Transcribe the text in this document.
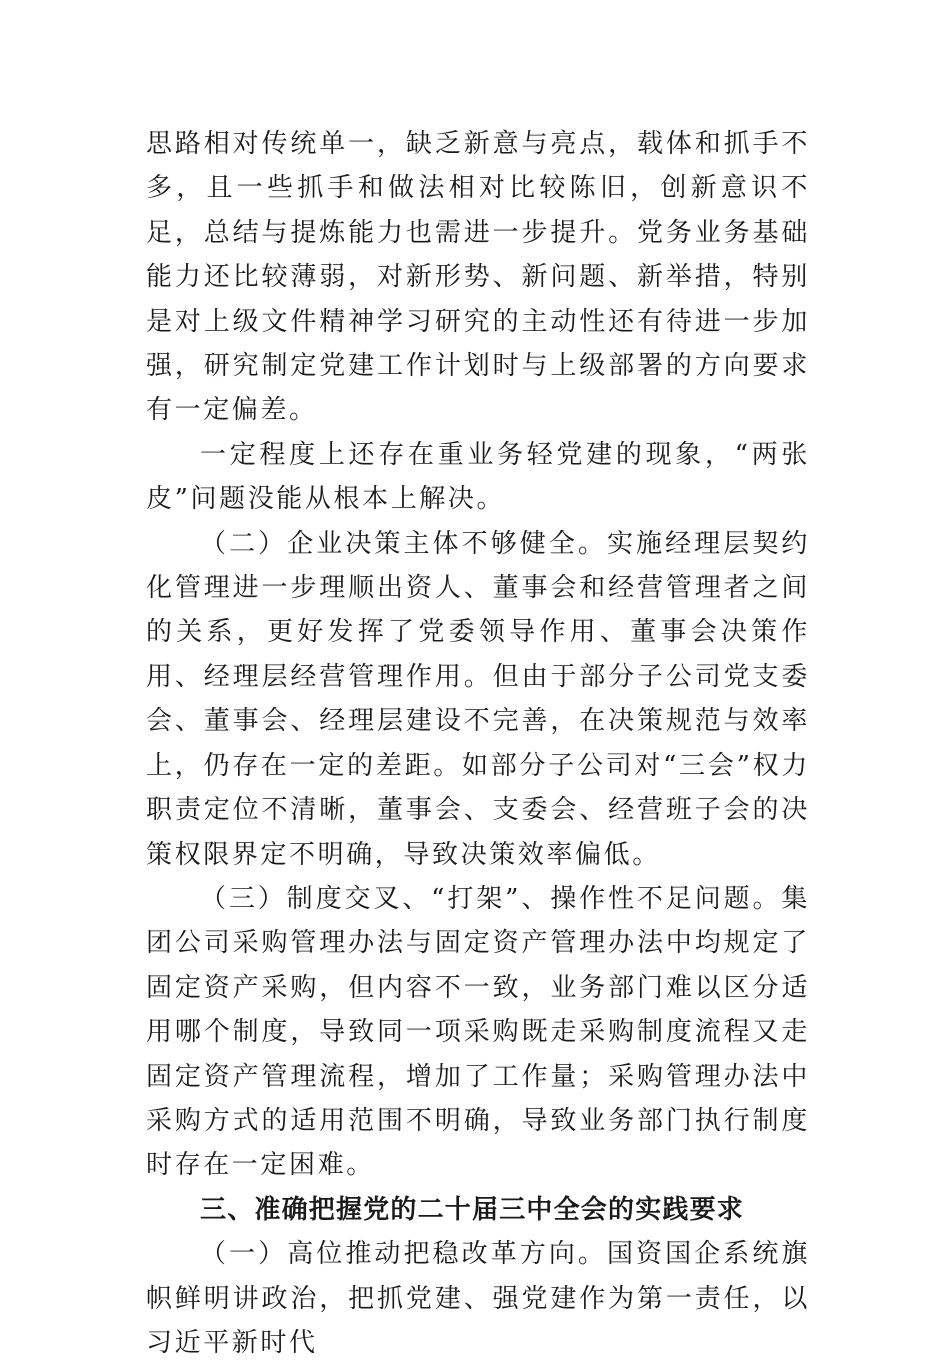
思路相对传统单一，缺乏新意与亮点，载体和抓手不多，且一些抓手和做法相对比较陈旧，创新意识不足，总结与提炼能力也需进一步提升。党务业务基础能力还比较薄弱，对新形势、新问题、新举措，特别是对上级文件精神学习研究的主动性还有待进一步加强，研究制定党建工作计划时与上级部署的方向要求有一定偏差。

一定程度上还存在重业务轻党建的现象，“两张皮”问题没能从根本上解决。

（二）企业决策主体不够健全。实施经理层契约化管理进一步理顺出资人、董事会和经营管理者之间的关系，更好发挥了党委领导作用、董事会决策作用、经理层经营管理作用。但由于部分子公司党支委会、董事会、经理层建设不完善，在决策规范与效率上，仍存在一定的差距。如部分子公司对“三会”权力职责定位不清晰，董事会、支委会、经营班子会的决策权限界定不明确，导致决策效率偏低。

（三）制度交叉、“打架”、操作性不足问题。集团公司采购管理办法与固定资产管理办法中均规定了固定资产采购，但内容不一致，业务部门难以区分适用哪个制度，导致同一项采购既走采购制度流程又走固定资产管理流程，增加了工作量；采购管理办法中采购方式的适用范围不明确，导致业务部门执行制度时存在一定困难。

三、准确把握党的二十届三中全会的实践要求

（一）高位推动把稳改革方向。国资国企系统旗帜鲜明讲政治，把抓党建、强党建作为第一责任，以习近平新时代
